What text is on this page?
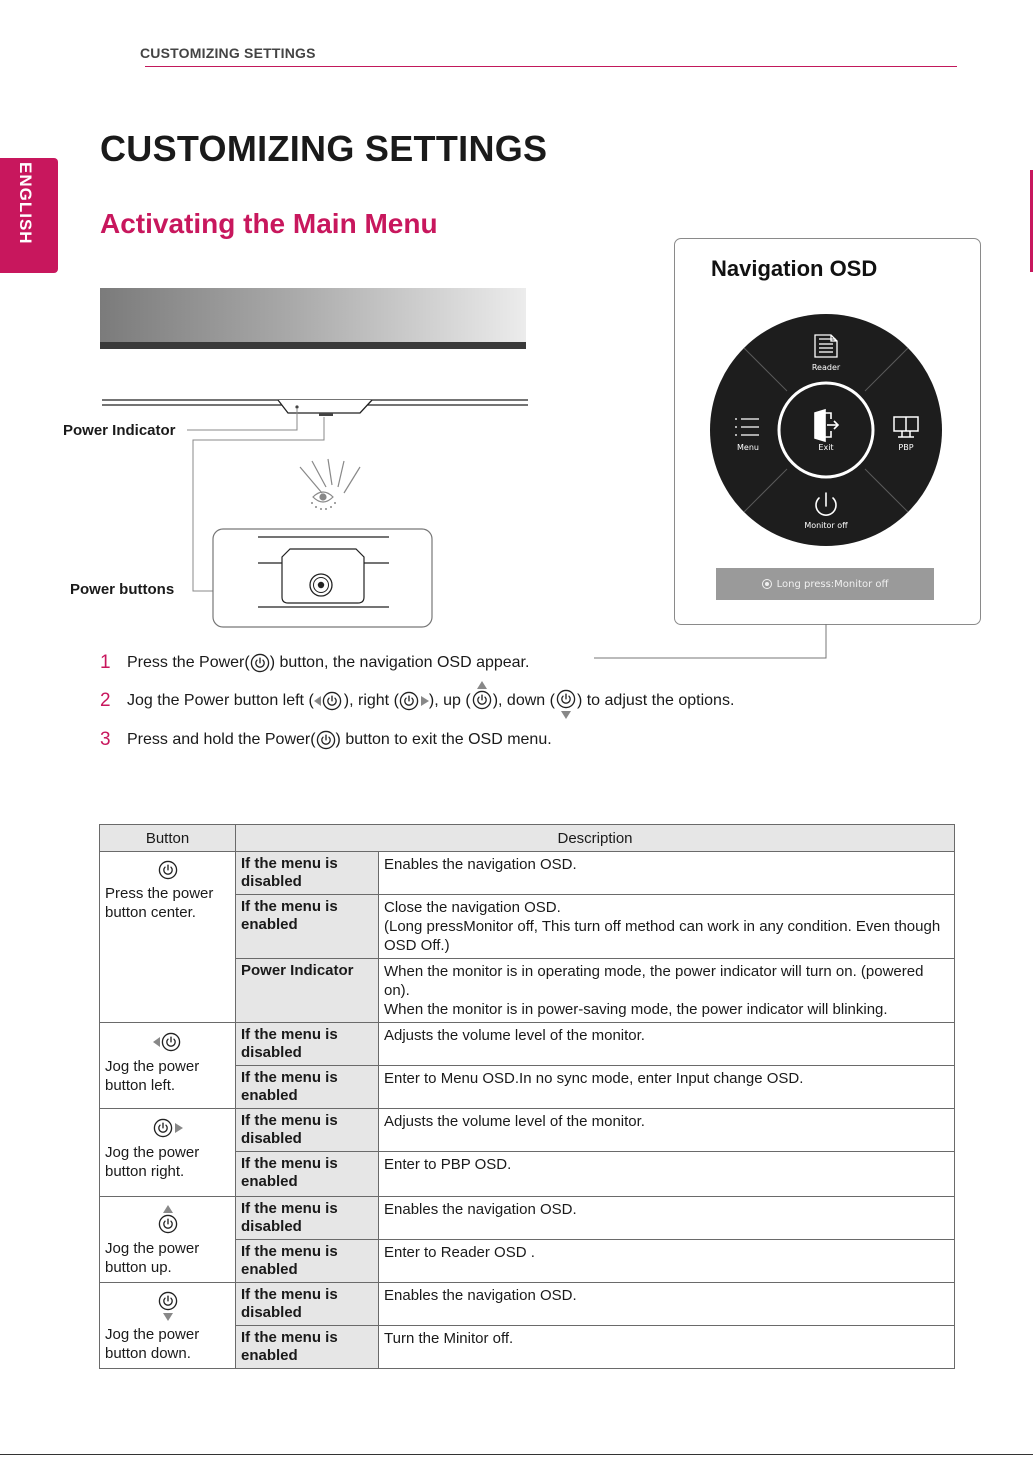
CUSTOMIZING SETTINGS
ENGLISH
CUSTOMIZING SETTINGS
Activating the Main Menu
Power Indicator
Power buttons
Navigation OSD
Reader
Menu	Exit	PBP
Monitor off
Long press:Monitor off
1	Press the Power( ) button, the navigation OSD appear.
2	Jog the Power button left ( ), right ( ), up ( ), down ( ) to adjust the options.
3	Press and hold the Power( ) button to exit the OSD menu.
Button	Description	

Press the power button center.	If the menu is
disabled	Enables the navigation OSD.

	If the menu is
enabled	Close the navigation OSD.
(Long pressMonitor off, This turn off method can work in any condition. Even though OSD Off.)

	Power Indicator	When the monitor is in operating mode, the power indicator will turn on. (powered on).
When the monitor is in power-saving mode, the power indicator will blinking.

Jog the power button left.	If the menu is
disabled	Adjusts the volume level of the monitor.

	If the menu is
enabled	Enter to Menu OSD.In no sync mode, enter Input change OSD.

Jog the power button right.	If the menu is
disabled	Adjusts the volume level of the monitor.

	If the menu is
enabled	Enter to PBP OSD.

Jog the power button up.	If the menu is
disabled	Enables the navigation OSD.

	If the menu is
enabled	Enter to Reader OSD .

Jog the power button down.	If the menu is
disabled	Enables the navigation OSD.

	If the menu is
enabled	Turn the Minitor off.
